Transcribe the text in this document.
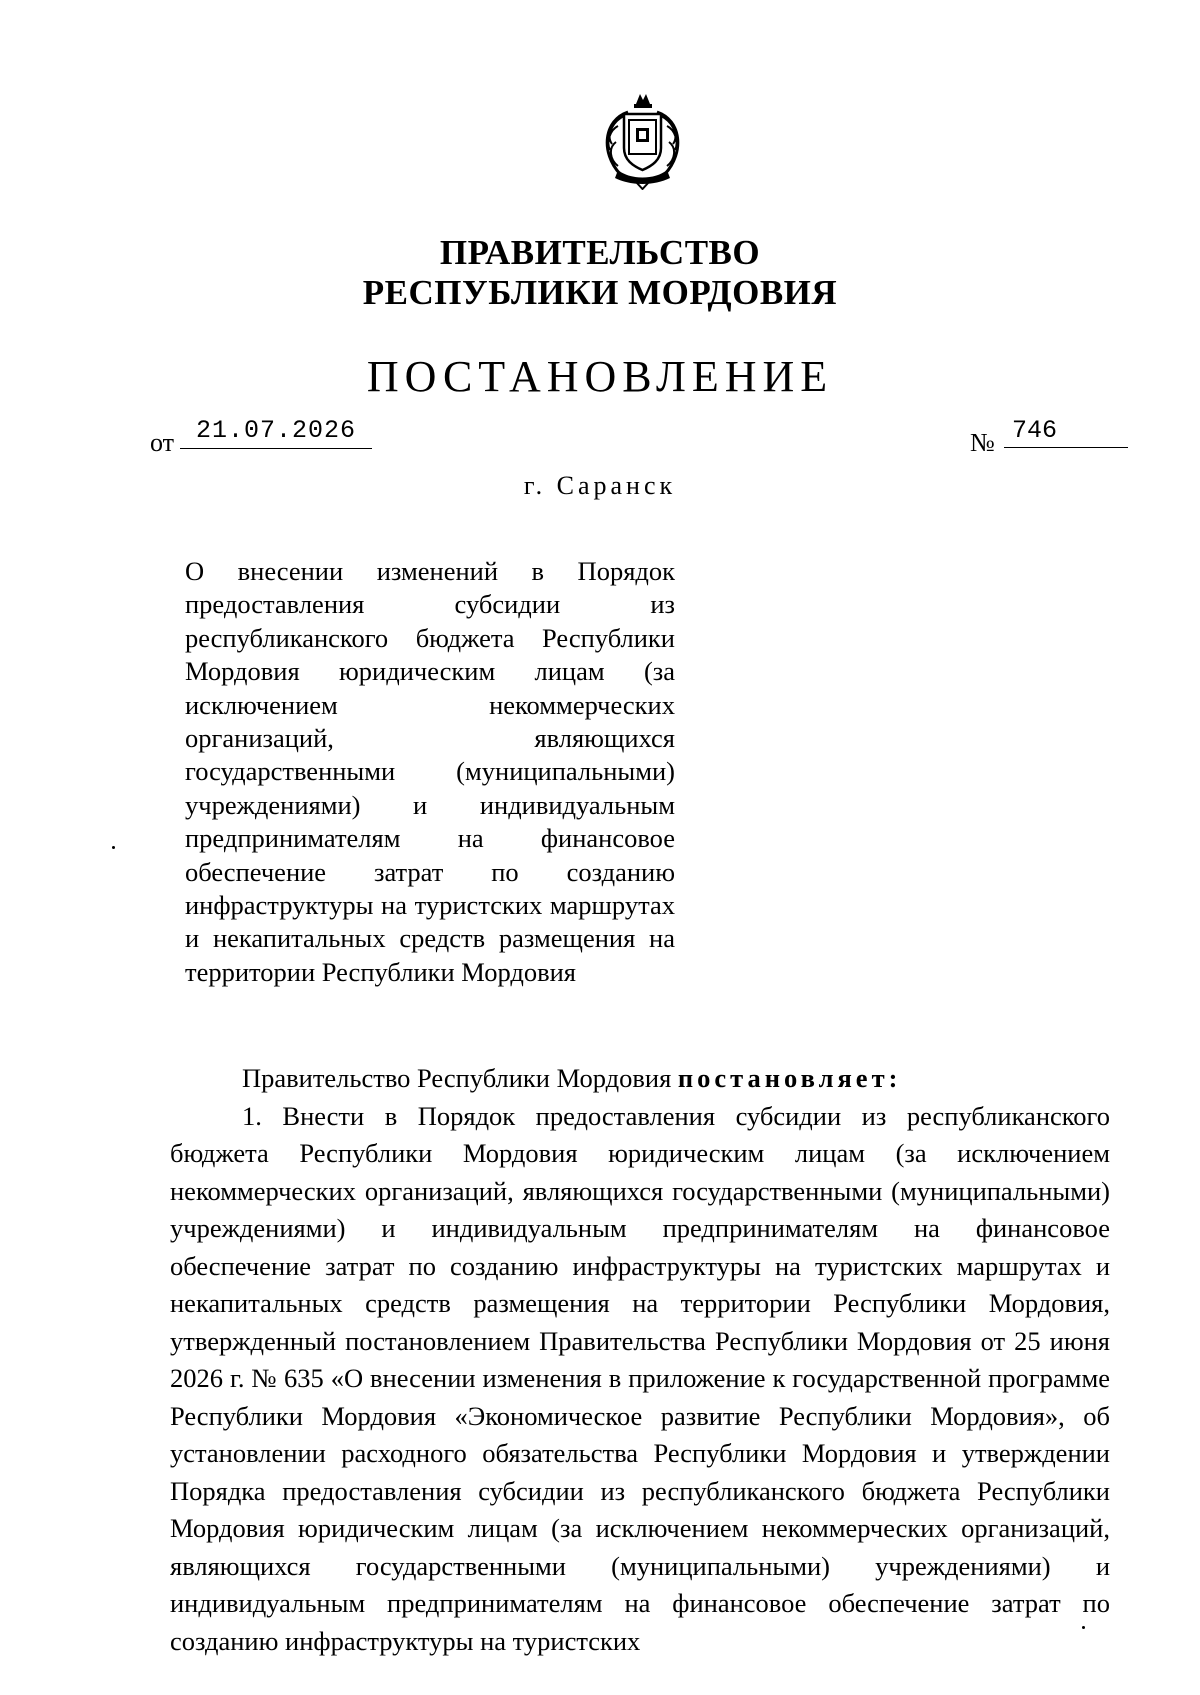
ПРАВИТЕЛЬСТВО
РЕСПУБЛИКИ МОРДОВИЯ
ПОСТАНОВЛЕНИЕ
от 21.07.2026	№ 746
г. Саранск
О внесении изменений в Порядок предоставления субсидии из республиканского бюджета Республики Мордовия юридическим лицам (за исключением некоммерческих организаций, являющихся государственными (муниципальными) учреждениями) и индивидуальным предпринимателям на финансовое обеспечение затрат по созданию инфраструктуры на туристских маршрутах и некапитальных средств размещения на территории Республики Мордовия

Правительство Республики Мордовия постановляет:

1. Внести в Порядок предоставления субсидии из республиканского бюджета Республики Мордовия юридическим лицам (за исключением некоммерческих организаций, являющихся государственными (муниципальными) учреждениями) и индивидуальным предпринимателям на финансовое обеспечение затрат по созданию инфраструктуры на туристских маршрутах и некапитальных средств размещения на территории Республики Мордовия, утвержденный постановлением Правительства Республики Мордовия от 25 июня 2026 г. № 635 «О внесении изменения в приложение к государственной программе Республики Мордовия «Экономическое развитие Республики Мордовия», об установлении расходного обязательства Республики Мордовия и утверждении Порядка предоставления субсидии из республиканского бюджета Республики Мордовия юридическим лицам (за исключением некоммерческих организаций, являющихся государственными (муниципальными) учреждениями) и индивидуальным предпринимателям на финансовое обеспечение затрат по созданию инфраструктуры на туристских
